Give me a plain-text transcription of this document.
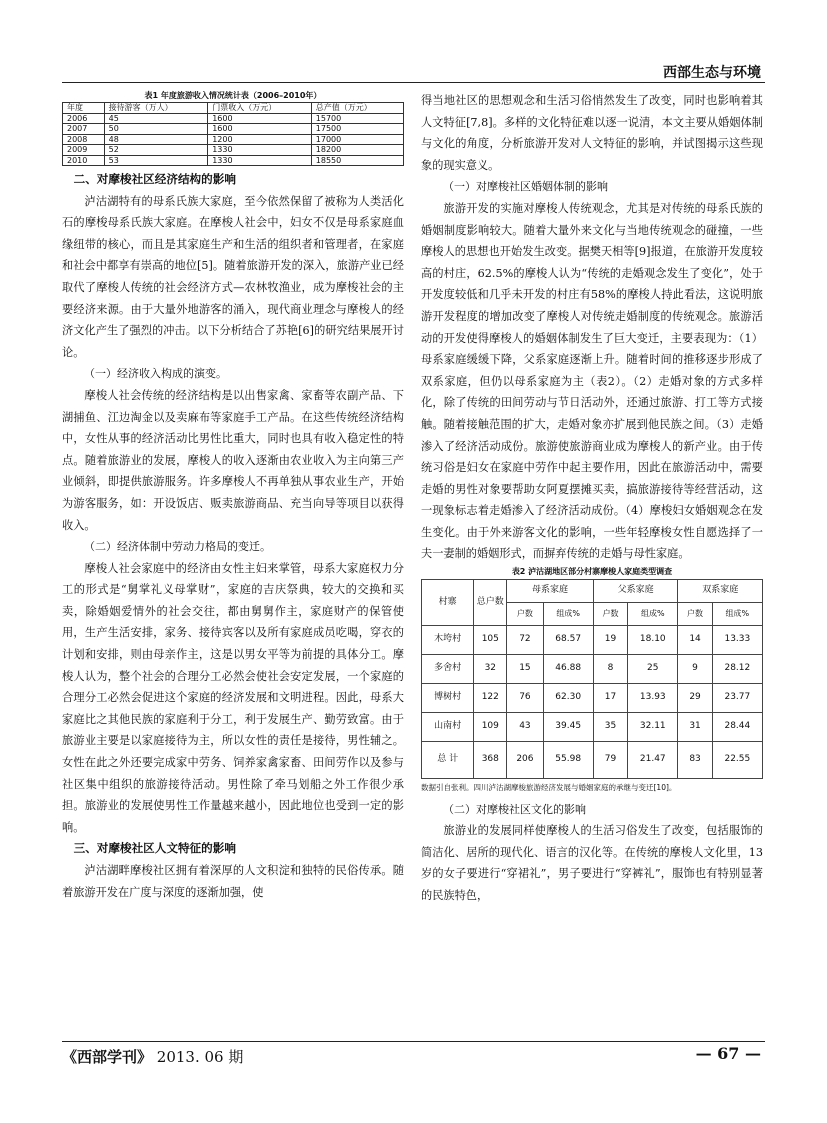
西部生态与环境
表1 年度旅游收入情况统计表（2006–2010年）
年度	接待游客（万人）	门票收入（万元）	总产值（万元）
2006	45	1600	15700
2007	50	1600	17500
2008	48	1200	17000
2009	52	1330	18200
2010	53	1330	18550
二、对摩梭社区经济结构的影响

泸沽湖特有的母系氏族大家庭，至今依然保留了被称为人类活化石的摩梭母系氏族大家庭。在摩梭人社会中，妇女不仅是母系家庭血缘纽带的核心，而且是其家庭生产和生活的组织者和管理者，在家庭和社会中都享有崇高的地位[5]。随着旅游开发的深入，旅游产业已经取代了摩梭人传统的社会经济方式—农林牧渔业，成为摩梭社会的主要经济来源。由于大量外地游客的涌入，现代商业理念与摩梭人的经济文化产生了强烈的冲击。以下分析结合了苏艳[6]的研究结果展开讨论。

（一）经济收入构成的演变。

摩梭人社会传统的经济结构是以出售家禽、家畜等农副产品、下湖捕鱼、江边淘金以及卖麻布等家庭手工产品。在这些传统经济结构中，女性从事的经济活动比男性比重大，同时也具有收入稳定性的特点。随着旅游业的发展，摩梭人的收入逐渐由农业收入为主向第三产业倾斜，即提供旅游服务。许多摩梭人不再单独从事农业生产，开始为游客服务，如：开设饭店、贩卖旅游商品、充当向导等项目以获得收入。

（二）经济体制中劳动力格局的变迁。

摩梭人社会家庭中的经济由女性主妇来掌管，母系大家庭权力分工的形式是“舅掌礼义母掌财”，家庭的吉庆祭典，较大的交换和买卖，除婚姻爱情外的社会交往，都由舅舅作主，家庭财产的保管使用，生产生活安排，家务、接待宾客以及所有家庭成员吃喝，穿衣的计划和安排，则由母亲作主，这是以男女平等为前提的具体分工。摩梭人认为，整个社会的合理分工必然会使社会安定发展，一个家庭的合理分工必然会促进这个家庭的经济发展和文明进程。因此，母系大家庭比之其他民族的家庭利于分工，利于发展生产、勤劳致富。由于旅游业主要是以家庭接待为主，所以女性的责任是接待，男性辅之。女性在此之外还要完成家中劳务、饲养家禽家畜、田间劳作以及参与社区集中组织的旅游接待活动。男性除了牵马划船之外工作很少承担。旅游业的发展使男性工作量越来越小，因此地位也受到一定的影响。

三、对摩梭社区人文特征的影响

泸沽湖畔摩梭社区拥有着深厚的人文积淀和独特的民俗传承。随着旅游开发在广度与深度的逐渐加强，使

得当地社区的思想观念和生活习俗悄然发生了改变，同时也影响着其人文特征[7,8]。多样的文化特征难以逐一说清，本文主要从婚姻体制与文化的角度，分析旅游开发对人文特征的影响，并试图揭示这些现象的现实意义。

（一）对摩梭社区婚姻体制的影响

旅游开发的实施对摩梭人传统观念，尤其是对传统的母系氏族的婚姻制度影响较大。随着大量外来文化与当地传统观念的碰撞，一些摩梭人的思想也开始发生改变。据樊天相等[9]报道，在旅游开发度较高的村庄，62.5%的摩梭人认为“传统的走婚观念发生了变化”，处于开发度较低和几乎未开发的村庄有58%的摩梭人持此看法，这说明旅游开发程度的增加改变了摩梭人对传统走婚制度的传统观念。旅游活动的开发使得摩梭人的婚姻体制发生了巨大变迁，主要表现为：（1）母系家庭缓缓下降，父系家庭逐渐上升。随着时间的推移逐步形成了双系家庭，但仍以母系家庭为主（表2）。（2）走婚对象的方式多样化，除了传统的田间劳动与节日活动外，还通过旅游、打工等方式接触。随着接触范围的扩大，走婚对象亦扩展到他民族之间。（3）走婚渗入了经济活动成份。旅游使旅游商业成为摩梭人的新产业。由于传统习俗是妇女在家庭中劳作中起主要作用，因此在旅游活动中，需要走婚的男性对象要帮助女阿夏摆摊买卖，搞旅游接待等经营活动，这一现象标志着走婚渗入了经济活动成份。（4）摩梭妇女婚姻观念在发生变化。由于外来游客文化的影响，一些年轻摩梭女性自愿选择了一夫一妻制的婚姻形式，而摒弃传统的走婚与母性家庭。

表2 泸沽湖地区部分村寨摩梭人家庭类型调查
村寨	总户数	母系家庭		父系家庭		双系家庭	
		户数	组成%	户数	组成%	户数	组成%
木垮村	105	72	68.57	19	18.10	14	13.33
多舍村	32	15	46.88	8	25	9	28.12
博树村	122	76	62.30	17	13.93	29	23.77
山南村	109	43	39.45	35	32.11	31	28.44
总 计	368	206	55.98	79	21.47	83	22.55
数据引自张利。四川泸沽湖摩梭旅游经济发展与婚姻家庭的承继与变迁[10]。
（二）对摩梭社区文化的影响

旅游业的发展同样使摩梭人的生活习俗发生了改变，包括服饰的简洁化、居所的现代化、语言的汉化等。在传统的摩梭人文化里，13岁的女子要进行“穿裙礼”，男子要进行“穿裤礼”，服饰也有特别显著的民族特色，

《西部学刊》 2013. 06 期	— 67 —
